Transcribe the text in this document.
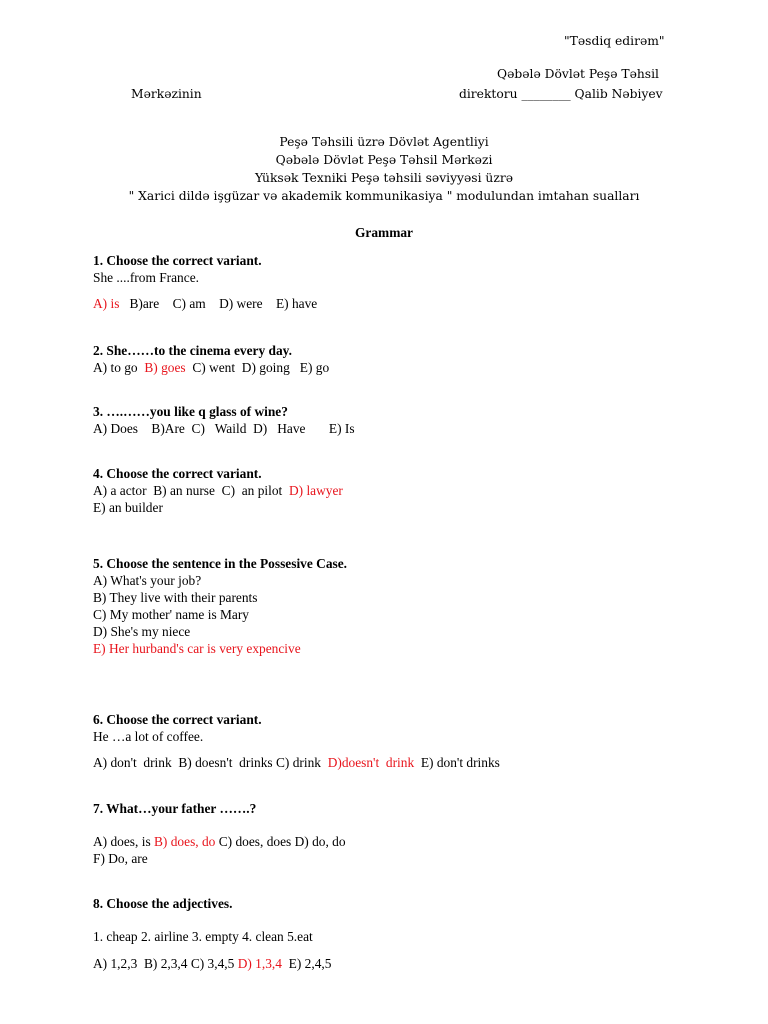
"Təsdiq edirəm"
Qəbələ Dövlət Peşə Təhsil
Mərkəzinin	direktoru ________ Qalib Nəbiyev
Peşə Təhsili üzrə Dövlət Agentliyi
Qəbələ Dövlət Peşə Təhsil Mərkəzi
Yüksək Texniki Peşə təhsili səviyyəsi üzrə
" Xarici dildə işgüzar və akademik kommunikasiya " modulundan imtahan sualları
Grammar
1. Choose the correct variant.
She ....from France.
A) is   B)are    C) am    D) were    E) have
2. She……to the cinema every day.
A) to go  B) goes  C) went  D) going   E) go
3. ….……you like q glass of wine?
A) Does    B)Are  C)   Waild  D)   Have       E) Is
4. Choose the correct variant.
A) a actor  B) an nurse  C)  an pilot  D) lawyer
E) an builder
5. Choose the sentence in the Possesive Case.
A) What's your job?
B) They live with their parents
C) My mother' name is Mary
D) She's my niece
E) Her hurband's car is very expencive
6. Choose the correct variant.
He …a lot of coffee.
A) don't  drink  B) doesn't  drinks C) drink  D)doesn't  drink  E) don't drinks
7. What…your father …….?
A) does, is B) does, do C) does, does D) do, do
F) Do, are
8. Choose the adjectives.
1. cheap 2. airline 3. empty 4. clean 5.eat
A) 1,2,3  B) 2,3,4 C) 3,4,5 D) 1,3,4  E) 2,4,5
